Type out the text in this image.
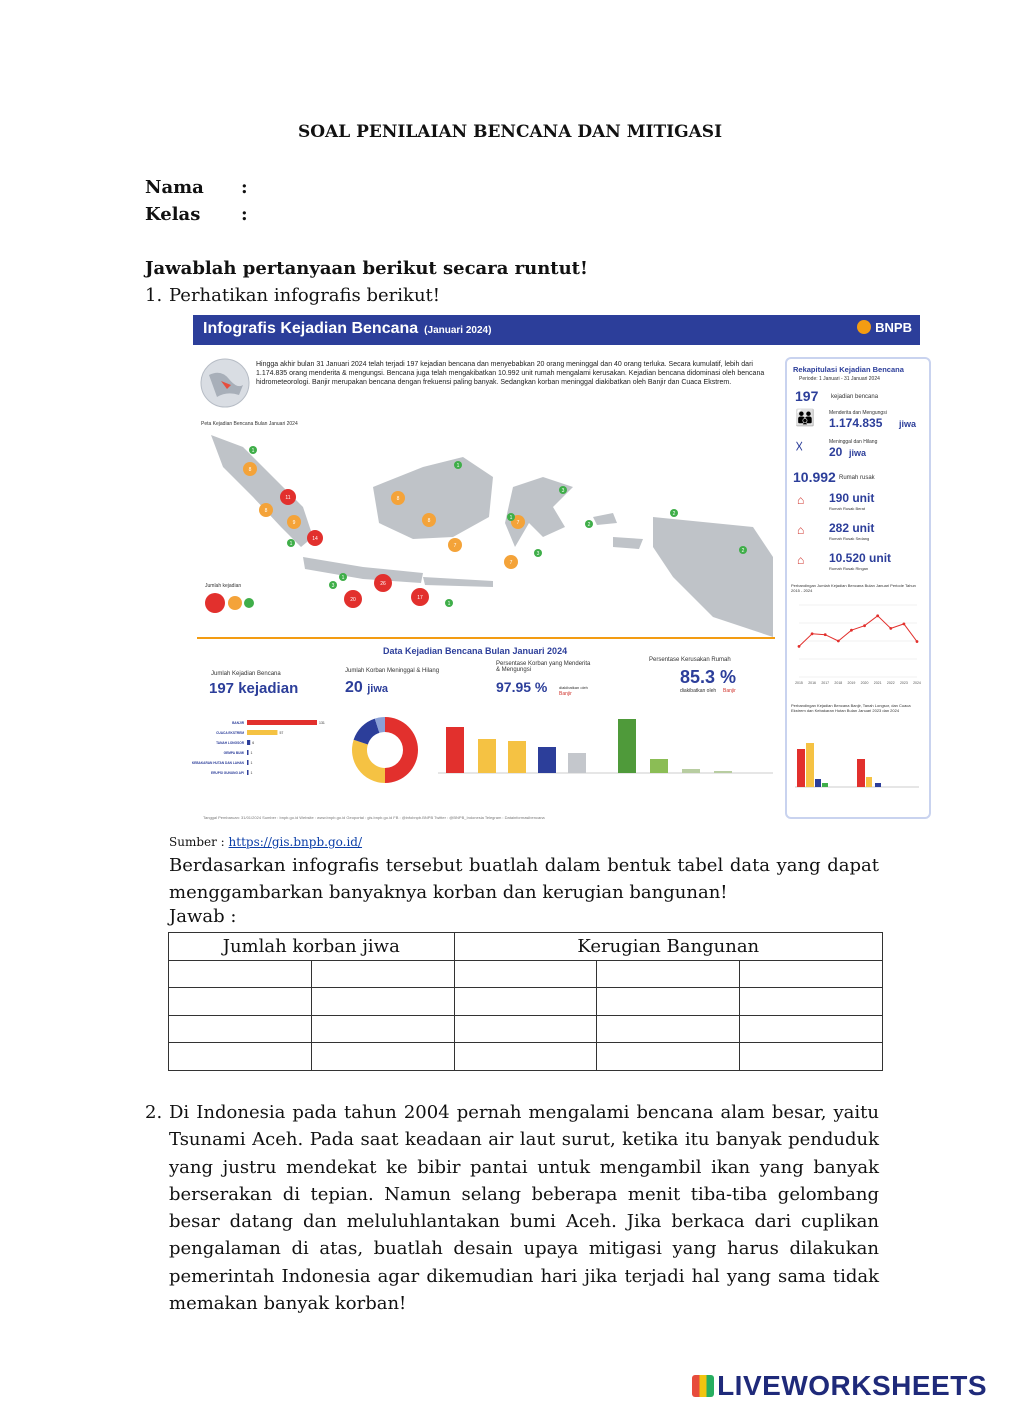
SOAL PENILAIAN BENCANA DAN MITIGASI
Nama :
Kelas :
Jawablah pertanyaan berikut secara runtut!
1. Perhatikan infografis berikut!
Infografis Kejadian Bencana (Januari 2024)	BNPB
Hingga akhir bulan 31 Januari 2024 telah terjadi 197 kejadian bencana dan menyebabkan 20 orang meninggal dan 40 orang terluka. Secara kumulatif, lebih dari 1.174.835 orang menderita & mengungsi. Bencana juga telah mengakibatkan 10.992 unit rumah mengalami kerusakan. Kejadian bencana didominasi oleh bencana hidrometeorologi. Banjir merupakan bencana dengan frekuensi paling banyak. Sedangkan korban meninggal diakibatkan oleh Banjir dan Cuaca Ekstrem.
Peta Kejadian Bencana Bulan Januari 2024
8
11
8
9
14
8
8
7
7
7
7
26
20	17
1
3
3
2
2
1
1
1
3
1
2
1
Jumlah kejadian
Rekapitulasi Kejadian Bencana
Periode: 1 Januari - 31 Januari 2024
197 kejadian bencana
👪	Menderita dan Mengungsi
1.174.835 jiwa
☓	Meninggal dan Hilang
20 jiwa
10.992 Rumah rusak
⌂ 190 unit
Rumah Rusak Berat
⌂ 282 unit
Rumah Rusak Sedang
⌂ 10.520 unit
Rumah Rusak Ringan
Perbandingan Jumlah Kejadian Bencana Bulan Januari Periode Tahun 2015 - 2024
2015 2016 2017 2018 2019 2020 2021 2022 2023 2024
Perbandingan Kejadian Bencana Banjir, Tanah Longsor, dan Cuaca Ekstrem dan Kebakaran Hutan Bulan Januari 2023 dan 2024
Data Kejadian Bencana Bulan Januari 2024
Jumlah Kejadian Bencana
197 kejadian
BANJIR	131
CUACA EKSTREM	57
TANAH LONGSOR 6
GEMPA BUMI 1
KEBAKARAN HUTAN DAN LAHAN 1
ERUPSI GUNUNG API 1
Jumlah Korban Meninggal & Hilang
20 jiwa
Persentase Korban yang Menderita & Mengungsi
97.95 %	diakibatkan oleh
Banjir
Persentase Kerusakan Rumah
85.3 %
diakibatkan oleh Banjir
Tanggal Pembaruan: 31/01/2024 Sumber : bnpb.go.id Website : www.bnpb.go.id Geoportal : gis.bnpb.go.id FB : @infobnpb.BNPB Twitter : @BNPB_Indonesia Telegram : Datainformasibencana
Sumber : https://gis.bnpb.go.id/
Berdasarkan infografis tersebut buatlah dalam bentuk tabel data yang dapat menggambarkan banyaknya korban dan kerugian bangunan!
Jawab :
Jumlah korban jiwa		Kerugian Bangunan		

2. Di Indonesia pada tahun 2004 pernah mengalami bencana alam besar, yaitu Tsunami Aceh. Pada saat keadaan air laut surut, ketika itu banyak penduduk yang justru mendekat ke bibir pantai untuk mengambil ikan yang banyak berserakan di tepian. Namun selang beberapa menit tiba-tiba gelombang besar datang dan meluluhlantakan bumi Aceh. Jika berkaca dari cuplikan pengalaman di atas, buatlah desain upaya mitigasi yang harus dilakukan pemerintah Indonesia agar dikemudian hari jika terjadi hal yang sama tidak memakan banyak korban!
LIVEWORKSHEETS
